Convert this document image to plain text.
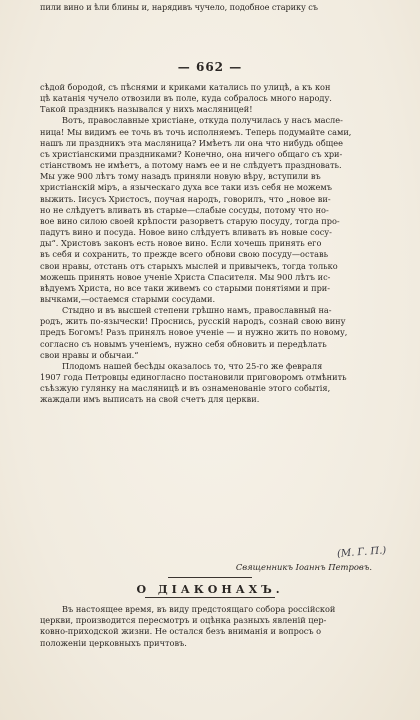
пили вино и ѣли блины и, нарядивъ чучело, подобное старику съ
— 662 —
сѣдой бородой, съ пѣснями и криками катались по улицѣ, а къ кон
цѣ катанія чучело отвозили въ поле, куда собралось много народу.
Такой праздникъ назывался у нихъ масляницей!
Вотъ, православные христіане, откуда получилась у насъ масле-
ница! Мы видимъ ее точь въ точь исполняемъ. Теперь подумайте сами,
нашъ ли праздникъ эта масляница? Имѣетъ ли она что нибудь общее
съ христіанскими праздниками? Конечно, она ничего общаго съ хри-
стіанствомъ не имѣетъ, а потому намъ ее и не слѣдуетъ праздновать.
Мы уже 900 лѣтъ тому назадъ приняли новую вѣру, вступили въ
христіанскій міръ, а языческаго духа все таки изъ себя не можемъ
выжить. Іисусъ Христосъ, поучая народъ, говорилъ, что „новое ви-
но не слѣдуетъ вливать въ старые—слабые сосуды, потому что но-
вое вино силою своей крѣпости разорветъ старую посуду, тогда про-
падутъ вино и посуда. Новое вино слѣдуетъ вливать въ новые сосу-
ды“. Христовъ законъ есть новое вино. Если хочешь принять его
въ себя и сохранить, то прежде всего обнови свою посуду—оставь
свои нравы, отстань отъ старыхъ мыслей и привычекъ, тогда только
можешь принять новое ученіе Христа Спасителя. Мы 900 лѣтъ ис-
вѣдуемъ Христа, но все таки живемъ со старыми понятіями и при-
вычками,—остаемся старыми сосудами.
Стыдно и въ высшей степени грѣшно намъ, православный на-
родъ, жить по-язычески! Проснись, русскій народъ, сознай свою вину
предъ Богомъ! Разъ принялъ новое ученіе — и нужно жить по новому,
согласно съ новымъ ученіемъ, нужно себя обновить и передѣлать
свои нравы и обычаи.“
Плодомъ нашей бесѣды оказалось то, что 25-го же февраля
1907 года Петровцы единогласно постановили приговоромъ отмѣнить
съѣзжую гулянку на масляницѣ и въ ознаменованіе этого событія,
жаждали имъ выписать на свой счетъ для церкви.
Священникъ Іоаннъ Петровъ.
(М. Г. П.)
О ДІАКОНАХЪ.
Въ настоящее время, въ виду предстоящаго собора россійской
церкви, производится пересмотръ и оцѣнка разныхъ явленій цер-
ковно-приходской жизни. Не остался безъ вниманія и вопросъ о
положеніи церковныхъ причтовъ.
